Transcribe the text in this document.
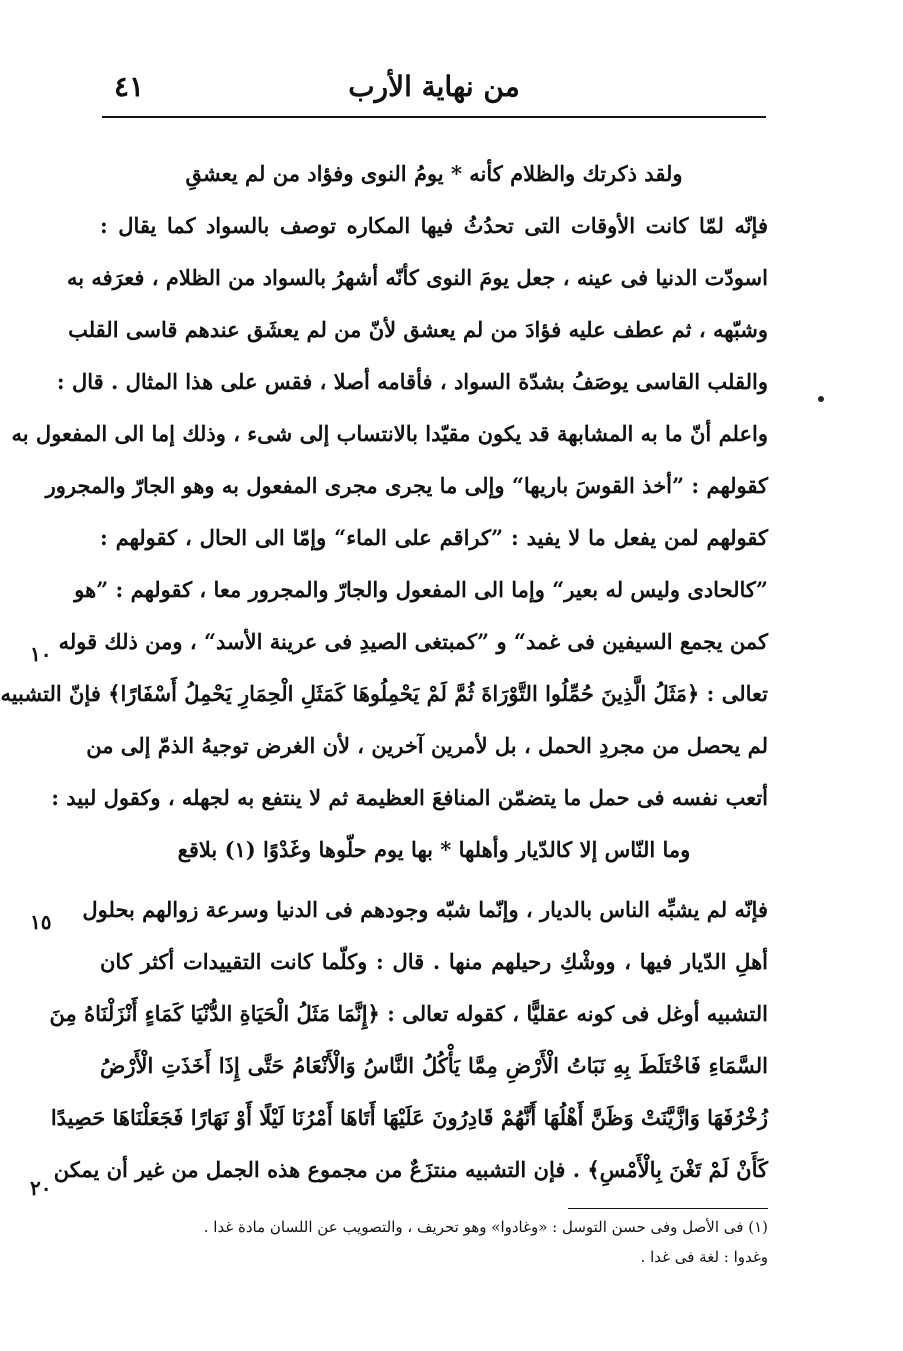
من نهاية الأرب
٤١
ولقد ذكرتك والظلام كأنه * يومُ النوى وفؤاد من لم يعشقِ
فإنّه لمّا كانت الأوقات التى تحدُثُ فيها المكاره توصف بالسواد كما يقال :
اسودّت الدنيا فى عينه ، جعل يومَ النوى كأنّه أشهرُ بالسواد من الظلام ، فعرَفه به
وشبّهه ، ثم عطف عليه فؤادَ من لم يعشق لأنّ من لم يعشَق عندهم قاسى القلب
والقلب القاسى يوصَفُ بشدّة السواد ، فأقامه أصلا ، فقس على هذا المثال . قال :
واعلم أنّ ما به المشابهة قد يكون مقيّدا بالانتساب إلى شىء ، وذلك إما الى المفعول به
كقولهم : ”أخذ القوسَ باريها“ وإلى ما يجرى مجرى المفعول به وهو الجارّ والمجرور
كقولهم لمن يفعل ما لا يفيد : ”كراقم على الماء“ وإمّا الى الحال ، كقولهم :
”كالحادى وليس له بعير“ وإما الى المفعول والجارّ والمجرور معا ، كقولهم : ”هو
كمن يجمع السيفين فى غمد“ و ”كمبتغى الصيدِ فى عرينة الأسد“ ، ومن ذلك قوله
تعالى : ﴿مَثَلُ الَّذِينَ حُمِّلُوا التَّوْرَاةَ ثُمَّ لَمْ يَحْمِلُوهَا كَمَثَلِ الْحِمَارِ يَحْمِلُ أَسْفَارًا﴾ فإنّ التشبيه
لم يحصل من مجردِ الحمل ، بل لأمرين آخرين ، لأن الغرض توجيهُ الذمّ إلى من
أتعب نفسه فى حمل ما يتضمّن المنافعَ العظيمة ثم لا ينتفع به لجهله ، وكقول لبيد :
وما النّاس إلا كالدّيار وأهلها * بها يوم حلّوها وغَدْوًا (١) بلاقع
فإنّه لم يشبِّه الناس بالديار ، وإنّما شبّه وجودهم فى الدنيا وسرعة زوالهم بحلول
أهلِ الدّيار فيها ، ووشْكِ رحيلهم منها . قال : وكلّما كانت التقييدات أكثر كان
التشبيه أوغل فى كونه عقليًّا ، كقوله تعالى : ﴿إِنَّمَا مَثَلُ الْحَيَاةِ الدُّنْيَا كَمَاءٍ أَنْزَلْنَاهُ مِنَ
السَّمَاءِ فَاخْتَلَطَ بِهِ نَبَاتُ الْأَرْضِ مِمَّا يَأْكُلُ النَّاسُ وَالْأَنْعَامُ حَتَّى إِذَا أَخَذَتِ الْأَرْضُ
زُخْرُفَهَا وَازَّيَّنَتْ وَظَنَّ أَهْلُهَا أَنَّهُمْ قَادِرُونَ عَلَيْهَا أَتَاهَا أَمْرُنَا لَيْلًا أَوْ نَهَارًا فَجَعَلْنَاهَا حَصِيدًا
كَأَنْ لَمْ تَغْنَ بِالْأَمْسِ﴾ . فإن التشبيه منتزَعٌ من مجموع هذه الجمل من غير أن يمكن
١٠
١٥
٢٠
(١) فى الأصل وفى حسن التوسل : «وغادوا» وهو تحريف ، والتصويب عن اللسان مادة غدا .
وغدوا : لغة فى غدا .
